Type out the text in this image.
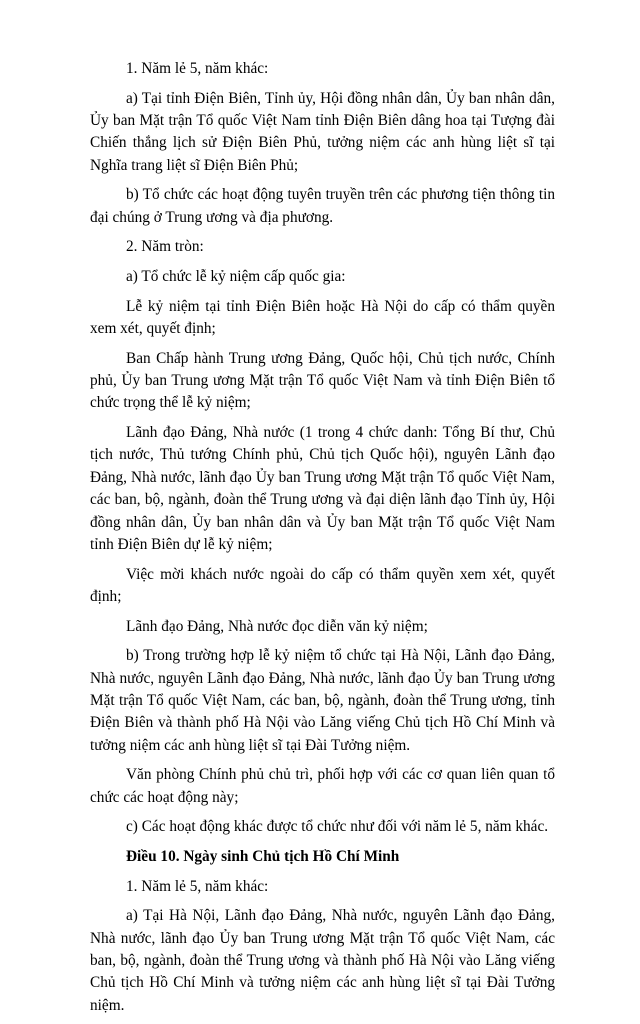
1. Năm lẻ 5, năm khác:

a) Tại tỉnh Điện Biên, Tỉnh ủy, Hội đồng nhân dân, Ủy ban nhân dân, Ủy ban Mặt trận Tổ quốc Việt Nam tỉnh Điện Biên dâng hoa tại Tượng đài Chiến thắng lịch sử Điện Biên Phủ, tưởng niệm các anh hùng liệt sĩ tại Nghĩa trang liệt sĩ Điện Biên Phủ;

b) Tổ chức các hoạt động tuyên truyền trên các phương tiện thông tin đại chúng ở Trung ương và địa phương.

2. Năm tròn:

a) Tổ chức lễ kỷ niệm cấp quốc gia:

Lễ kỷ niệm tại tỉnh Điện Biên hoặc Hà Nội do cấp có thẩm quyền xem xét, quyết định;

Ban Chấp hành Trung ương Đảng, Quốc hội, Chủ tịch nước, Chính phủ, Ủy ban Trung ương Mặt trận Tổ quốc Việt Nam và tỉnh Điện Biên tổ chức trọng thể lễ kỷ niệm;

Lãnh đạo Đảng, Nhà nước (1 trong 4 chức danh: Tổng Bí thư, Chủ tịch nước, Thủ tướng Chính phủ, Chủ tịch Quốc hội), nguyên Lãnh đạo Đảng, Nhà nước, lãnh đạo Ủy ban Trung ương Mặt trận Tổ quốc Việt Nam, các ban, bộ, ngành, đoàn thể Trung ương và đại diện lãnh đạo Tỉnh ủy, Hội đồng nhân dân, Ủy ban nhân dân và Ủy ban Mặt trận Tổ quốc Việt Nam tỉnh Điện Biên dự lễ kỷ niệm;

Việc mời khách nước ngoài do cấp có thẩm quyền xem xét, quyết định;

Lãnh đạo Đảng, Nhà nước đọc diễn văn kỷ niệm;

b) Trong trường hợp lễ kỷ niệm tổ chức tại Hà Nội, Lãnh đạo Đảng, Nhà nước, nguyên Lãnh đạo Đảng, Nhà nước, lãnh đạo Ủy ban Trung ương Mặt trận Tổ quốc Việt Nam, các ban, bộ, ngành, đoàn thể Trung ương, tỉnh Điện Biên và thành phố Hà Nội vào Lăng viếng Chủ tịch Hồ Chí Minh và tưởng niệm các anh hùng liệt sĩ tại Đài Tưởng niệm.

Văn phòng Chính phủ chủ trì, phối hợp với các cơ quan liên quan tổ chức các hoạt động này;

c) Các hoạt động khác được tổ chức như đối với năm lẻ 5, năm khác.

Điều 10. Ngày sinh Chủ tịch Hồ Chí Minh

1. Năm lẻ 5, năm khác:

a) Tại Hà Nội, Lãnh đạo Đảng, Nhà nước, nguyên Lãnh đạo Đảng, Nhà nước, lãnh đạo Ủy ban Trung ương Mặt trận Tổ quốc Việt Nam, các ban, bộ, ngành, đoàn thể Trung ương và thành phố Hà Nội vào Lăng viếng Chủ tịch Hồ Chí Minh và tưởng niệm các anh hùng liệt sĩ tại Đài Tưởng niệm.
